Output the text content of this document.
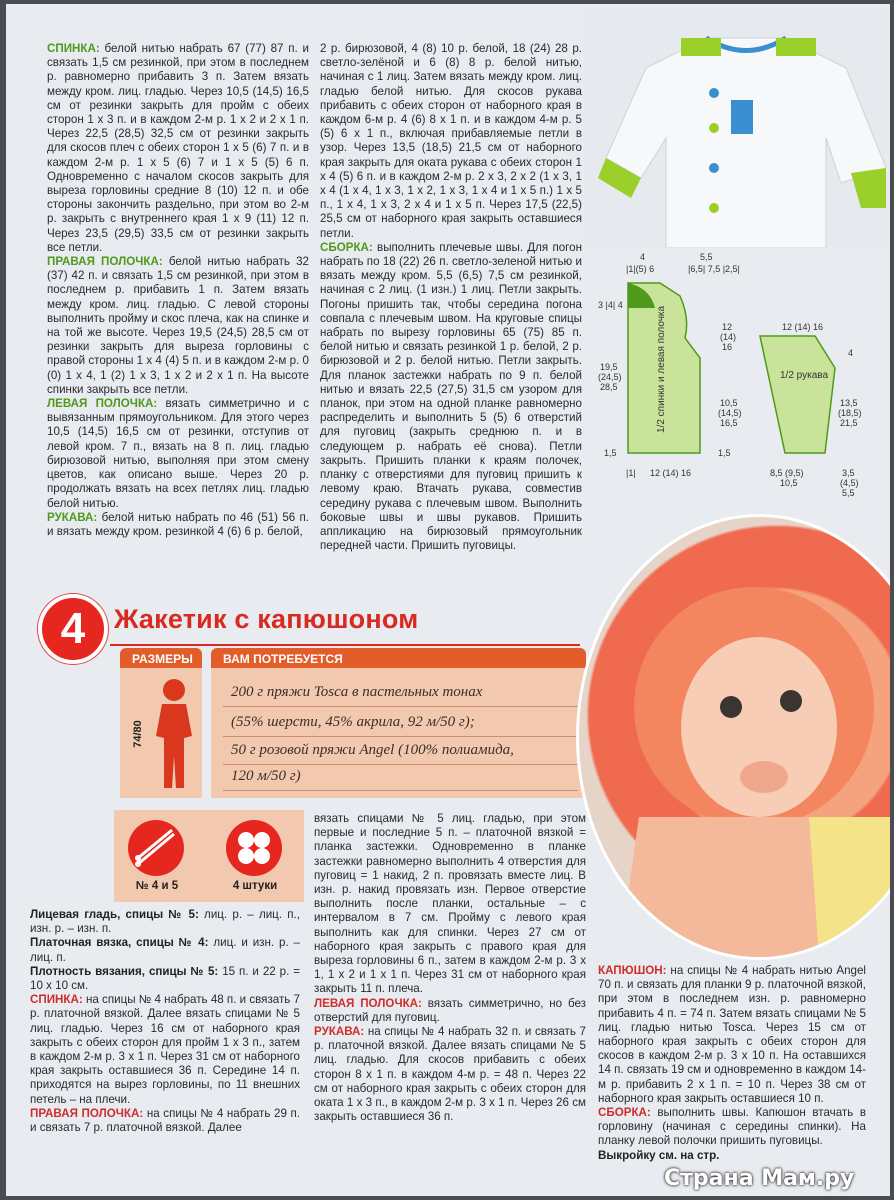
СПИНКА: белой нитью набрать 67 (77) 87 п. и связать 1,5 см резинкой, при этом в последнем р. равномерно прибавить 3 п. Затем вязать между кром. лиц. гладью. Через 10,5 (14,5) 16,5 см от резинки закрыть для пройм с обеих сторон 1 x 3 п. и в каждом 2-м р. 1 x 2 и 2 x 1 п. Через 22,5 (28,5) 32,5 см от резинки закрыть для скосов плеч с обеих сторон 1 x 5 (6) 7 п. и в каждом 2-м р. 1 x 5 (6) 7 и 1 x 5 (5) 6 п. Одновременно с началом скосов закрыть для выреза горловины средние 8 (10) 12 п. и обе стороны закончить раздельно, при этом во 2-м р. закрыть с внутреннего края 1 x 9 (11) 12 п. Через 23,5 (29,5) 33,5 см от резинки закрыть все петли.

ПРАВАЯ ПОЛОЧКА: белой нитью набрать 32 (37) 42 п. и связать 1,5 см резинкой, при этом в последнем р. прибавить 1 п. Затем вязать между кром. лиц. гладью. С левой стороны выполнить пройму и скос плеча, как на спинке и на той же высоте. Через 19,5 (24,5) 28,5 см от резинки закрыть для выреза горловины с правой стороны 1 x 4 (4) 5 п. и в каждом 2-м р. 0 (0) 1 x 4, 1 (2) 1 x 3, 1 x 2 и 2 x 1 п. На высоте спинки закрыть все петли.

ЛЕВАЯ ПОЛОЧКА: вязать симметрично и с вывязанным прямоугольником. Для этого через 10,5 (14,5) 16,5 см от резинки, отступив от левой кром. 7 п., вязать на 8 п. лиц. гладью бирюзовой нитью, выполняя при этом смену цветов, как описано выше. Через 20 р. продолжать вязать на всех петлях лиц. гладью белой нитью.

РУКАВА: белой нитью набрать по 46 (51) 56 п. и вязать между кром. резинкой 4 (6) 6 р. белой,

2 р. бирюзовой, 4 (8) 10 р. белой, 18 (24) 28 р. светло-зелёной и 6 (8) 8 р. белой нитью, начиная с 1 лиц. Затем вязать между кром. лиц. гладью белой нитью. Для скосов рукава прибавить с обеих сторон от наборного края в каждом 6-м р. 4 (6) 8 x 1 п. и в каждом 4-м р. 5 (5) 6 x 1 п., включая прибавляемые петли в узор. Через 13,5 (18,5) 21,5 см от наборного края закрыть для оката рукава с обеих сторон 1 x 4 (5) 6 п. и в каждом 2-м р. 2 x 3, 2 x 2 (1 x 3, 1 x 4 (1 x 4, 1 x 3, 1 x 2, 1 x 3, 1 x 4 и 1 x 5 п.) 1 x 5 п., 1 x 4, 1 x 3, 2 x 4 и 1 x 5 п. Через 17,5 (22,5) 25,5 см от наборного края закрыть оставшиеся петли.

СБОРКА: выполнить плечевые швы. Для погон набрать по 18 (22) 26 п. светло-зеленой нитью и вязать между кром. 5,5 (6,5) 7,5 см резинкой, начиная с 2 лиц. (1 изн.) 1 лиц. Петли закрыть. Погоны пришить так, чтобы середина погона совпала с плечевым швом. На круговые спицы набрать по вырезу горловины 65 (75) 85 п. белой нитью и связать резинкой 1 р. белой, 2 р. бирюзовой и 2 р. белой нитью. Петли закрыть. Для планок застежки набрать по 9 п. белой нитью и вязать 22,5 (27,5) 31,5 см узором для планок, при этом на одной планке равномерно распределить и выполнить 5 (5) 6 отверстий для пуговиц (закрыть среднюю п. и в следующем р. набрать её снова). Петли закрыть. Пришить планки к краям полочек, планку с отверстиями для пуговиц пришить к левому краю. Втачать рукава, совместив середину рукава с плечевым швом. Выполнить боковые швы и швы рукавов. Пришить аппликацию на бирюзовый прямоугольник передней части. Пришить пуговицы.

1/2 спинки и левая полочка	1/2 рукава
4	5,5
|1|(5) 6	|6,5| 7,5 |2,5|
3 |4| 4
19,5
(24,5)
28,5
1,5
12
(14)
16
10,5
(14,5)
16,5
1,5
|1| 12 (14) 16
12 (14) 16
4
13,5
(18,5)
21,5
8,5 (9,5)
10,5
3,5
(4,5)
5,5
4	Жакетик с капюшоном
РАЗМЕРЫ
74/80
ВАМ ПОТРЕБУЕТСЯ
200 г пряжи Tosca в пастельных тонах
(55% шерсти, 45% акрила, 92 м/50 г);
50 г розовой пряжи Angel (100% полиамида,
120 м/50 г)
№ 4 и 5	4 штуки

Лицевая гладь, спицы № 5: лиц. р. – лиц. п., изн. р. – изн. п.

Платочная вязка, спицы № 4: лиц. и изн. р. – лиц. п.

Плотность вязания, спицы № 5: 15 п. и 22 р. = 10 x 10 см.

СПИНКА: на спицы № 4 набрать 48 п. и связать 7 р. платочной вязкой. Далее вязать спицами № 5 лиц. гладью. Через 16 см от наборного края закрыть с обеих сторон для пройм 1 x 3 п., затем в каждом 2-м р. 3 x 1 п. Через 31 см от наборного края закрыть оставшиеся 36 п. Середине 14 п. приходятся на вырез горловины, по 11 внешних петель – на плечи.

ПРАВАЯ ПОЛОЧКА: на спицы № 4 набрать 29 п. и связать 7 р. платочной вязкой. Далее

вязать спицами № 5 лиц. гладью, при этом первые и последние 5 п. – платочной вязкой = планка застежки. Одновременно в планке застежки равномерно выполнить 4 отверстия для пуговиц = 1 накид, 2 п. провязать вместе лиц. В изн. р. накид провязать изн. Первое отверстие выполнить после планки, остальные – с интервалом в 7 см. Пройму с левого края выполнить как для спинки. Через 27 см от наборного края закрыть с правого края для выреза горловины 6 п., затем в каждом 2-м р. 3 x 1, 1 x 2 и 1 x 1 п. Через 31 см от наборного края закрыть 11 п. плеча.

ЛЕВАЯ ПОЛОЧКА: вязать симметрично, но без отверстий для пуговиц.

РУКАВА: на спицы № 4 набрать 32 п. и связать 7 р. платочной вязкой. Далее вязать спицами № 5 лиц. гладью. Для скосов прибавить с обеих сторон 8 x 1 п. в каждом 4-м р. = 48 п. Через 22 см от наборного края закрыть с обеих сторон для оката 1 x 3 п., в каждом 2-м р. 3 x 1 п. Через 26 см закрыть оставшиеся 36 п.

КАПЮШОН: на спицы № 4 набрать нитью Angel 70 п. и связать для планки 9 р. платочной вязкой, при этом в последнем изн. р. равномерно прибавить 4 п. = 74 п. Затем вязать спицами № 5 лиц. гладью нитью Tosca. Через 15 см от наборного края закрыть с обеих сторон для скосов в каждом 2-м р. 3 x 10 п. На оставшихся 14 п. связать 19 см и одновременно в каждом 14-м р. прибавить 2 x 1 п. = 10 п. Через 38 см от наборного края закрыть оставшиеся 10 п.

СБОРКА: выполнить швы. Капюшон втачать в горловину (начиная с середины спинки). На планку левой полочки пришить пуговицы.

Выкройку см. на стр.

Страна Мам.ру
